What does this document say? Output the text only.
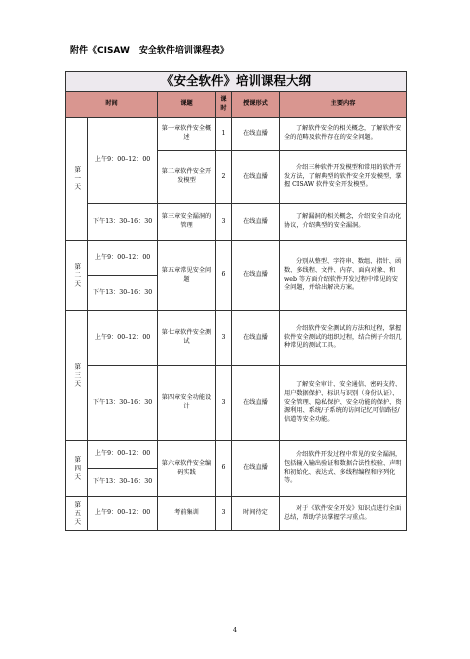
附件《CISAW　安全软件培训课程表》
《安全软件》培训课程大纲					
时间		课题	课时	授课形式	主要内容
第一天	上午9：00–12：00	第一章软件安全概述	1	在线直播	了解软件安全的相关概念，了解软件安全的范畴及软件存在的安全问题。
		第二章软件安全开发模型	2	在线直播	介绍三种软件开发模型和常用的软件开发方法，了解典型的软件安全开发模型，掌握 CISAW 软件安全开发模型。
	下午13：30–16：30	第三章安全漏洞的管理	3	在线直播	了解漏洞的相关概念，介绍安全自动化协议，介绍典型的安全漏洞。
第二天	上午9：00–12：00	第五章常见安全问题	6	在线直播	分别从整型、字符串、数组、指针、函数、多线程、文件、内存、面向对象、和 web 等方面介绍软件开发过程中常见的安全问题，并给出解决方案。
	下午13：30–16：30				
第三天	上午9：00–12：00	第七章软件安全测试	3	在线直播	介绍软件安全测试的方法和过程，掌握软件安全测试的组织过程，结合例子介绍几种常见的测试工具。
	下午13：30–16：30	第四章安全功能设计	3	在线直播	了解安全审计、安全通信、密码支持、用户数据保护、标识与识别（身份认证）、安全管理、隐私保护、安全功能的保护、资源利用、系统/子系统的访问记忆可信路径/信道等安全功能。
第四天	上午9：00–12：00	第六章软件安全编码实践	6	在线直播	介绍软件开发过程中常见的安全漏洞，包括输入输出验证和数据合法性校验、声明和初始化、表达式、多线程编程和序列化等。
	下午13：30–16：30				
第五天	上午9：00–12：00	考前集训	3	时间待定	对于《软件安全开发》知识点进行全面总结，帮助学员掌握学习重点。
4
